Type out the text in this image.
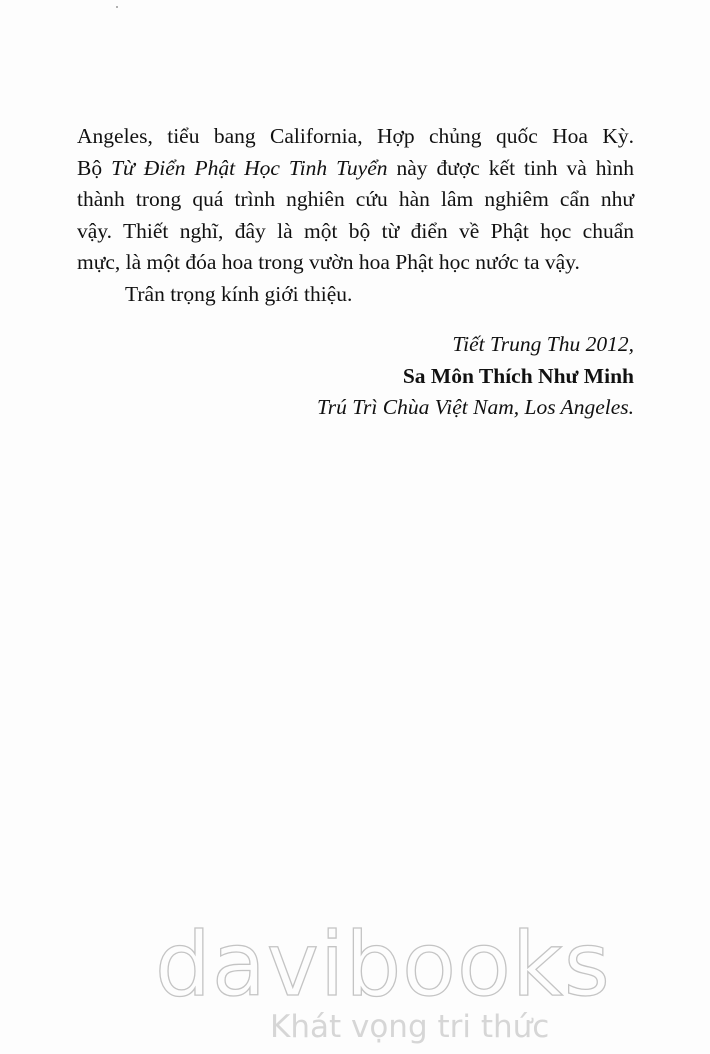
Angeles, tiểu bang California, Hợp chủng quốc Hoa Kỳ.
Bộ Từ Điển Phật Học Tinh Tuyển này được kết tinh và hình
thành trong quá trình nghiên cứu hàn lâm nghiêm cẩn như
vậy. Thiết nghĩ, đây là một bộ từ điển về Phật học chuẩn
mực, là một đóa hoa trong vườn hoa Phật học nước ta vậy.
Trân trọng kính giới thiệu.
Tiết Trung Thu 2012,
Sa Môn Thích Như Minh
Trú Trì Chùa Việt Nam, Los Angeles.
davibooks
Khát vọng tri thức
